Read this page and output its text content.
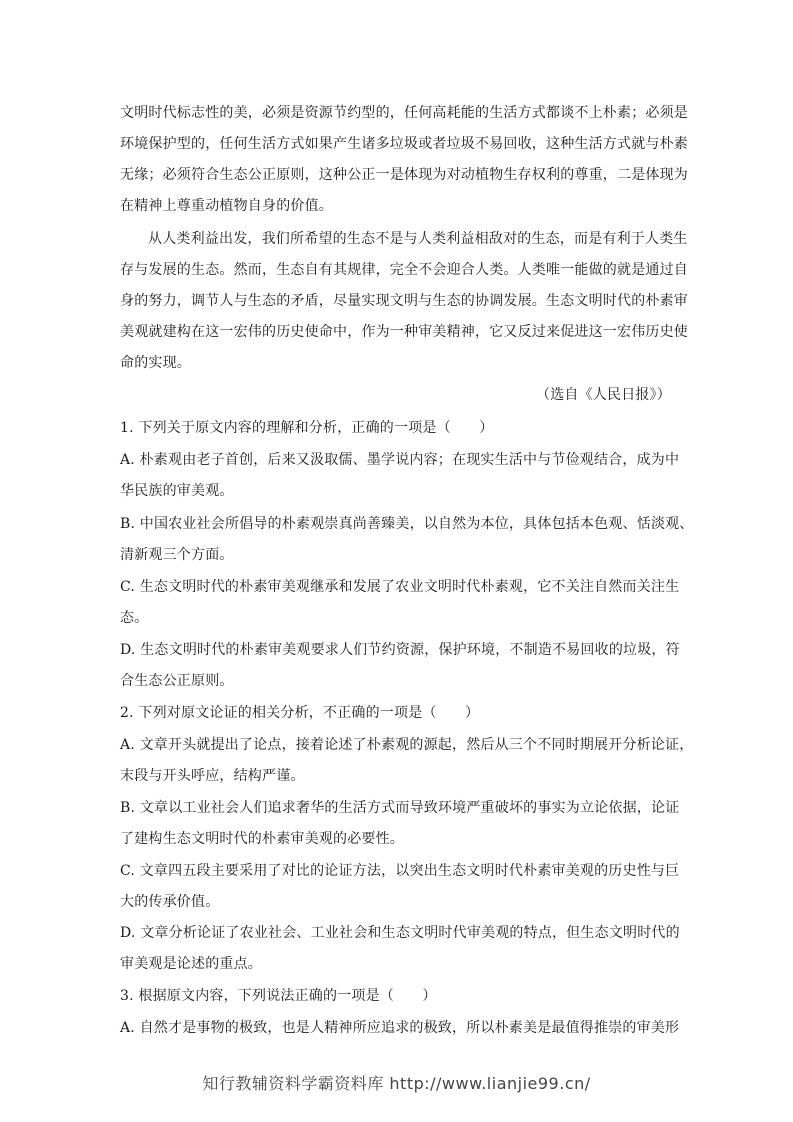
文明时代标志性的美，必须是资源节约型的，任何高耗能的生活方式都谈不上朴素；必须是
环境保护型的，任何生活方式如果产生诸多垃圾或者垃圾不易回收，这种生活方式就与朴素
无缘；必须符合生态公正原则，这种公正一是体现为对动植物生存权利的尊重，二是体现为
在精神上尊重动植物自身的价值。
从人类利益出发，我们所希望的生态不是与人类利益相敌对的生态，而是有利于人类生
存与发展的生态。然而，生态自有其规律，完全不会迎合人类。人类唯一能做的就是通过自
身的努力，调节人与生态的矛盾，尽量实现文明与生态的协调发展。生态文明时代的朴素审
美观就建构在这一宏伟的历史使命中，作为一种审美精神，它又反过来促进这一宏伟历史使
命的实现。
（选自《人民日报》）
1. 下列关于原文内容的理解和分析，正确的一项是（　　）
A. 朴素观由老子首创，后来又汲取儒、墨学说内容；在现实生活中与节俭观结合，成为中
华民族的审美观。
B. 中国农业社会所倡导的朴素观崇真尚善臻美，以自然为本位，具体包括本色观、恬淡观、
清新观三个方面。
C. 生态文明时代的朴素审美观继承和发展了农业文明时代朴素观，它不关注自然而关注生
态。
D. 生态文明时代的朴素审美观要求人们节约资源，保护环境，不制造不易回收的垃圾，符
合生态公正原则。
2. 下列对原文论证的相关分析，不正确的一项是（　　）
A. 文章开头就提出了论点，接着论述了朴素观的源起，然后从三个不同时期展开分析论证，
末段与开头呼应，结构严谨。
B. 文章以工业社会人们追求奢华的生活方式而导致环境严重破坏的事实为立论依据，论证
了建构生态文明时代的朴素审美观的必要性。
C. 文章四五段主要采用了对比的论证方法，以突出生态文明时代朴素审美观的历史性与巨
大的传承价值。
D. 文章分析论证了农业社会、工业社会和生态文明时代审美观的特点，但生态文明时代的
审美观是论述的重点。
3. 根据原文内容，下列说法正确的一项是（　　）
A. 自然才是事物的极致，也是人精神所应追求的极致，所以朴素美是最值得推崇的审美形
知行教辅资料学霸资料库 http://www.lianjie99.cn/
